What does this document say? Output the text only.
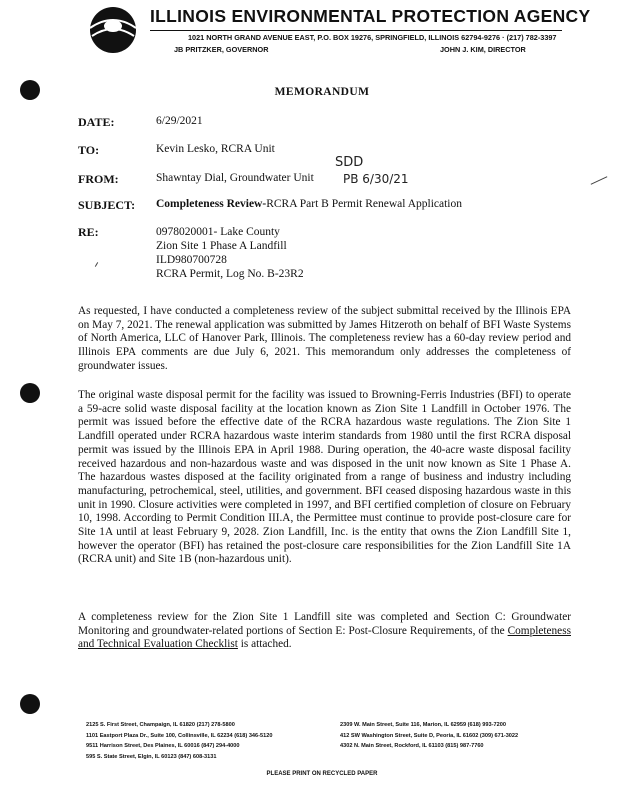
ILLINOIS ENVIRONMENTAL PROTECTION AGENCY
1021 NORTH GRAND AVENUE EAST, P.O. BOX 19276, SPRINGFIELD, ILLINOIS 62794-9276 · (217) 782-3397
JB PRITZKER, GOVERNOR	JOHN J. KIM, DIRECTOR
MEMORANDUM
DATE:	6/29/2021
TO:	Kevin Lesko, RCRA Unit
FROM:	Shawntay Dial, Groundwater Unit
SDD
PB 6/30/21
SUBJECT: Completeness Review-RCRA Part B Permit Renewal Application
RE:	0978020001- Lake County
Zion Site 1 Phase A Landfill
ILD980700728
RCRA Permit, Log No. B-23R2
As requested, I have conducted a completeness review of the subject submittal received by the Illinois EPA on May 7, 2021. The renewal application was submitted by James Hitzeroth on behalf of BFI Waste Systems of North America, LLC of Hanover Park, Illinois. The completeness review has a 60-day review period and Illinois EPA comments are due July 6, 2021. This memorandum only addresses the completeness of groundwater issues.
The original waste disposal permit for the facility was issued to Browning-Ferris Industries (BFI) to operate a 59-acre solid waste disposal facility at the location known as Zion Site 1 Landfill in October 1976. The permit was issued before the effective date of the RCRA hazardous waste regulations. The Zion Site 1 Landfill operated under RCRA hazardous waste interim standards from 1980 until the first RCRA disposal permit was issued by the Illinois EPA in April 1988. During operation, the 40-acre waste disposal facility received hazardous and non-hazardous waste and was disposed in the unit now known as Site 1 Phase A. The hazardous wastes disposed at the facility originated from a range of business and industry including manufacturing, petrochemical, steel, utilities, and government. BFI ceased disposing hazardous waste in this unit in 1990. Closure activities were completed in 1997, and BFI certified completion of closure on February 10, 1998. According to Permit Condition III.A, the Permittee must continue to provide post-closure care for Site 1A until at least February 9, 2028. Zion Landfill, Inc. is the entity that owns the Zion Landfill Site 1, however the operator (BFI) has retained the post-closure care responsibilities for the Zion Landfill Site 1A (RCRA unit) and Site 1B (non-hazardous unit).
A completeness review for the Zion Site 1 Landfill site was completed and Section C: Groundwater Monitoring and groundwater-related portions of Section E: Post-Closure Requirements, of the Completeness and Technical Evaluation Checklist is attached.
2125 S. First Street, Champaign, IL 61820 (217) 278-5800
1101 Eastport Plaza Dr., Suite 100, Collinsville, IL 62234 (618) 346-5120
9511 Harrison Street, Des Plaines, IL 60016 (847) 294-4000
595 S. State Street, Elgin, IL 60123 (847) 608-3131
2309 W. Main Street, Suite 116, Marion, IL 62959 (618) 993-7200
412 SW Washington Street, Suite D, Peoria, IL 61602 (309) 671-3022
4302 N. Main Street, Rockford, IL 61103 (815) 987-7760
PLEASE PRINT ON RECYCLED PAPER
